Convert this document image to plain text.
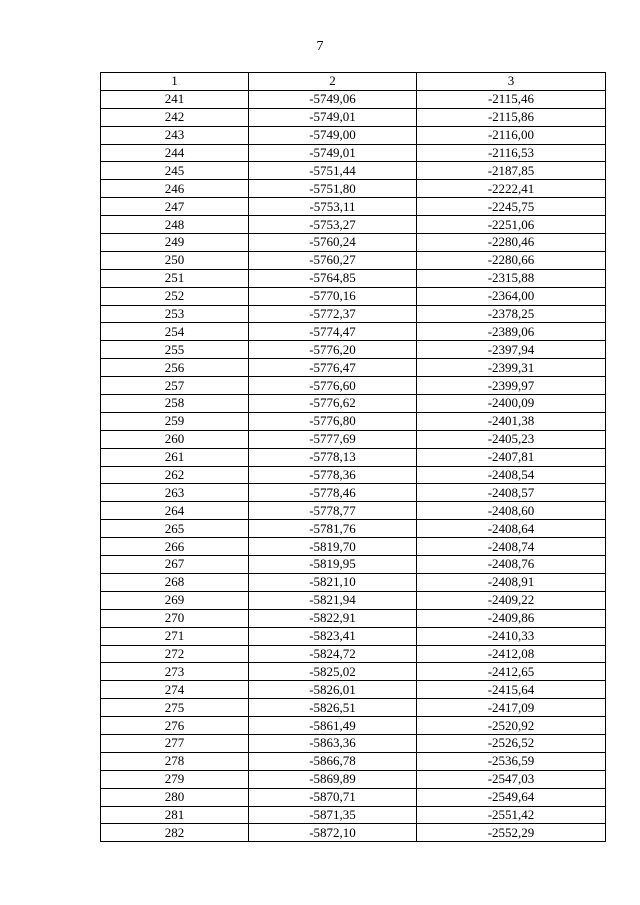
7
1	2	3
241	-5749,06	-2115,46
242	-5749,01	-2115,86
243	-5749,00	-2116,00
244	-5749,01	-2116,53
245	-5751,44	-2187,85
246	-5751,80	-2222,41
247	-5753,11	-2245,75
248	-5753,27	-2251,06
249	-5760,24	-2280,46
250	-5760,27	-2280,66
251	-5764,85	-2315,88
252	-5770,16	-2364,00
253	-5772,37	-2378,25
254	-5774,47	-2389,06
255	-5776,20	-2397,94
256	-5776,47	-2399,31
257	-5776,60	-2399,97
258	-5776,62	-2400,09
259	-5776,80	-2401,38
260	-5777,69	-2405,23
261	-5778,13	-2407,81
262	-5778,36	-2408,54
263	-5778,46	-2408,57
264	-5778,77	-2408,60
265	-5781,76	-2408,64
266	-5819,70	-2408,74
267	-5819,95	-2408,76
268	-5821,10	-2408,91
269	-5821,94	-2409,22
270	-5822,91	-2409,86
271	-5823,41	-2410,33
272	-5824,72	-2412,08
273	-5825,02	-2412,65
274	-5826,01	-2415,64
275	-5826,51	-2417,09
276	-5861,49	-2520,92
277	-5863,36	-2526,52
278	-5866,78	-2536,59
279	-5869,89	-2547,03
280	-5870,71	-2549,64
281	-5871,35	-2551,42
282	-5872,10	-2552,29
